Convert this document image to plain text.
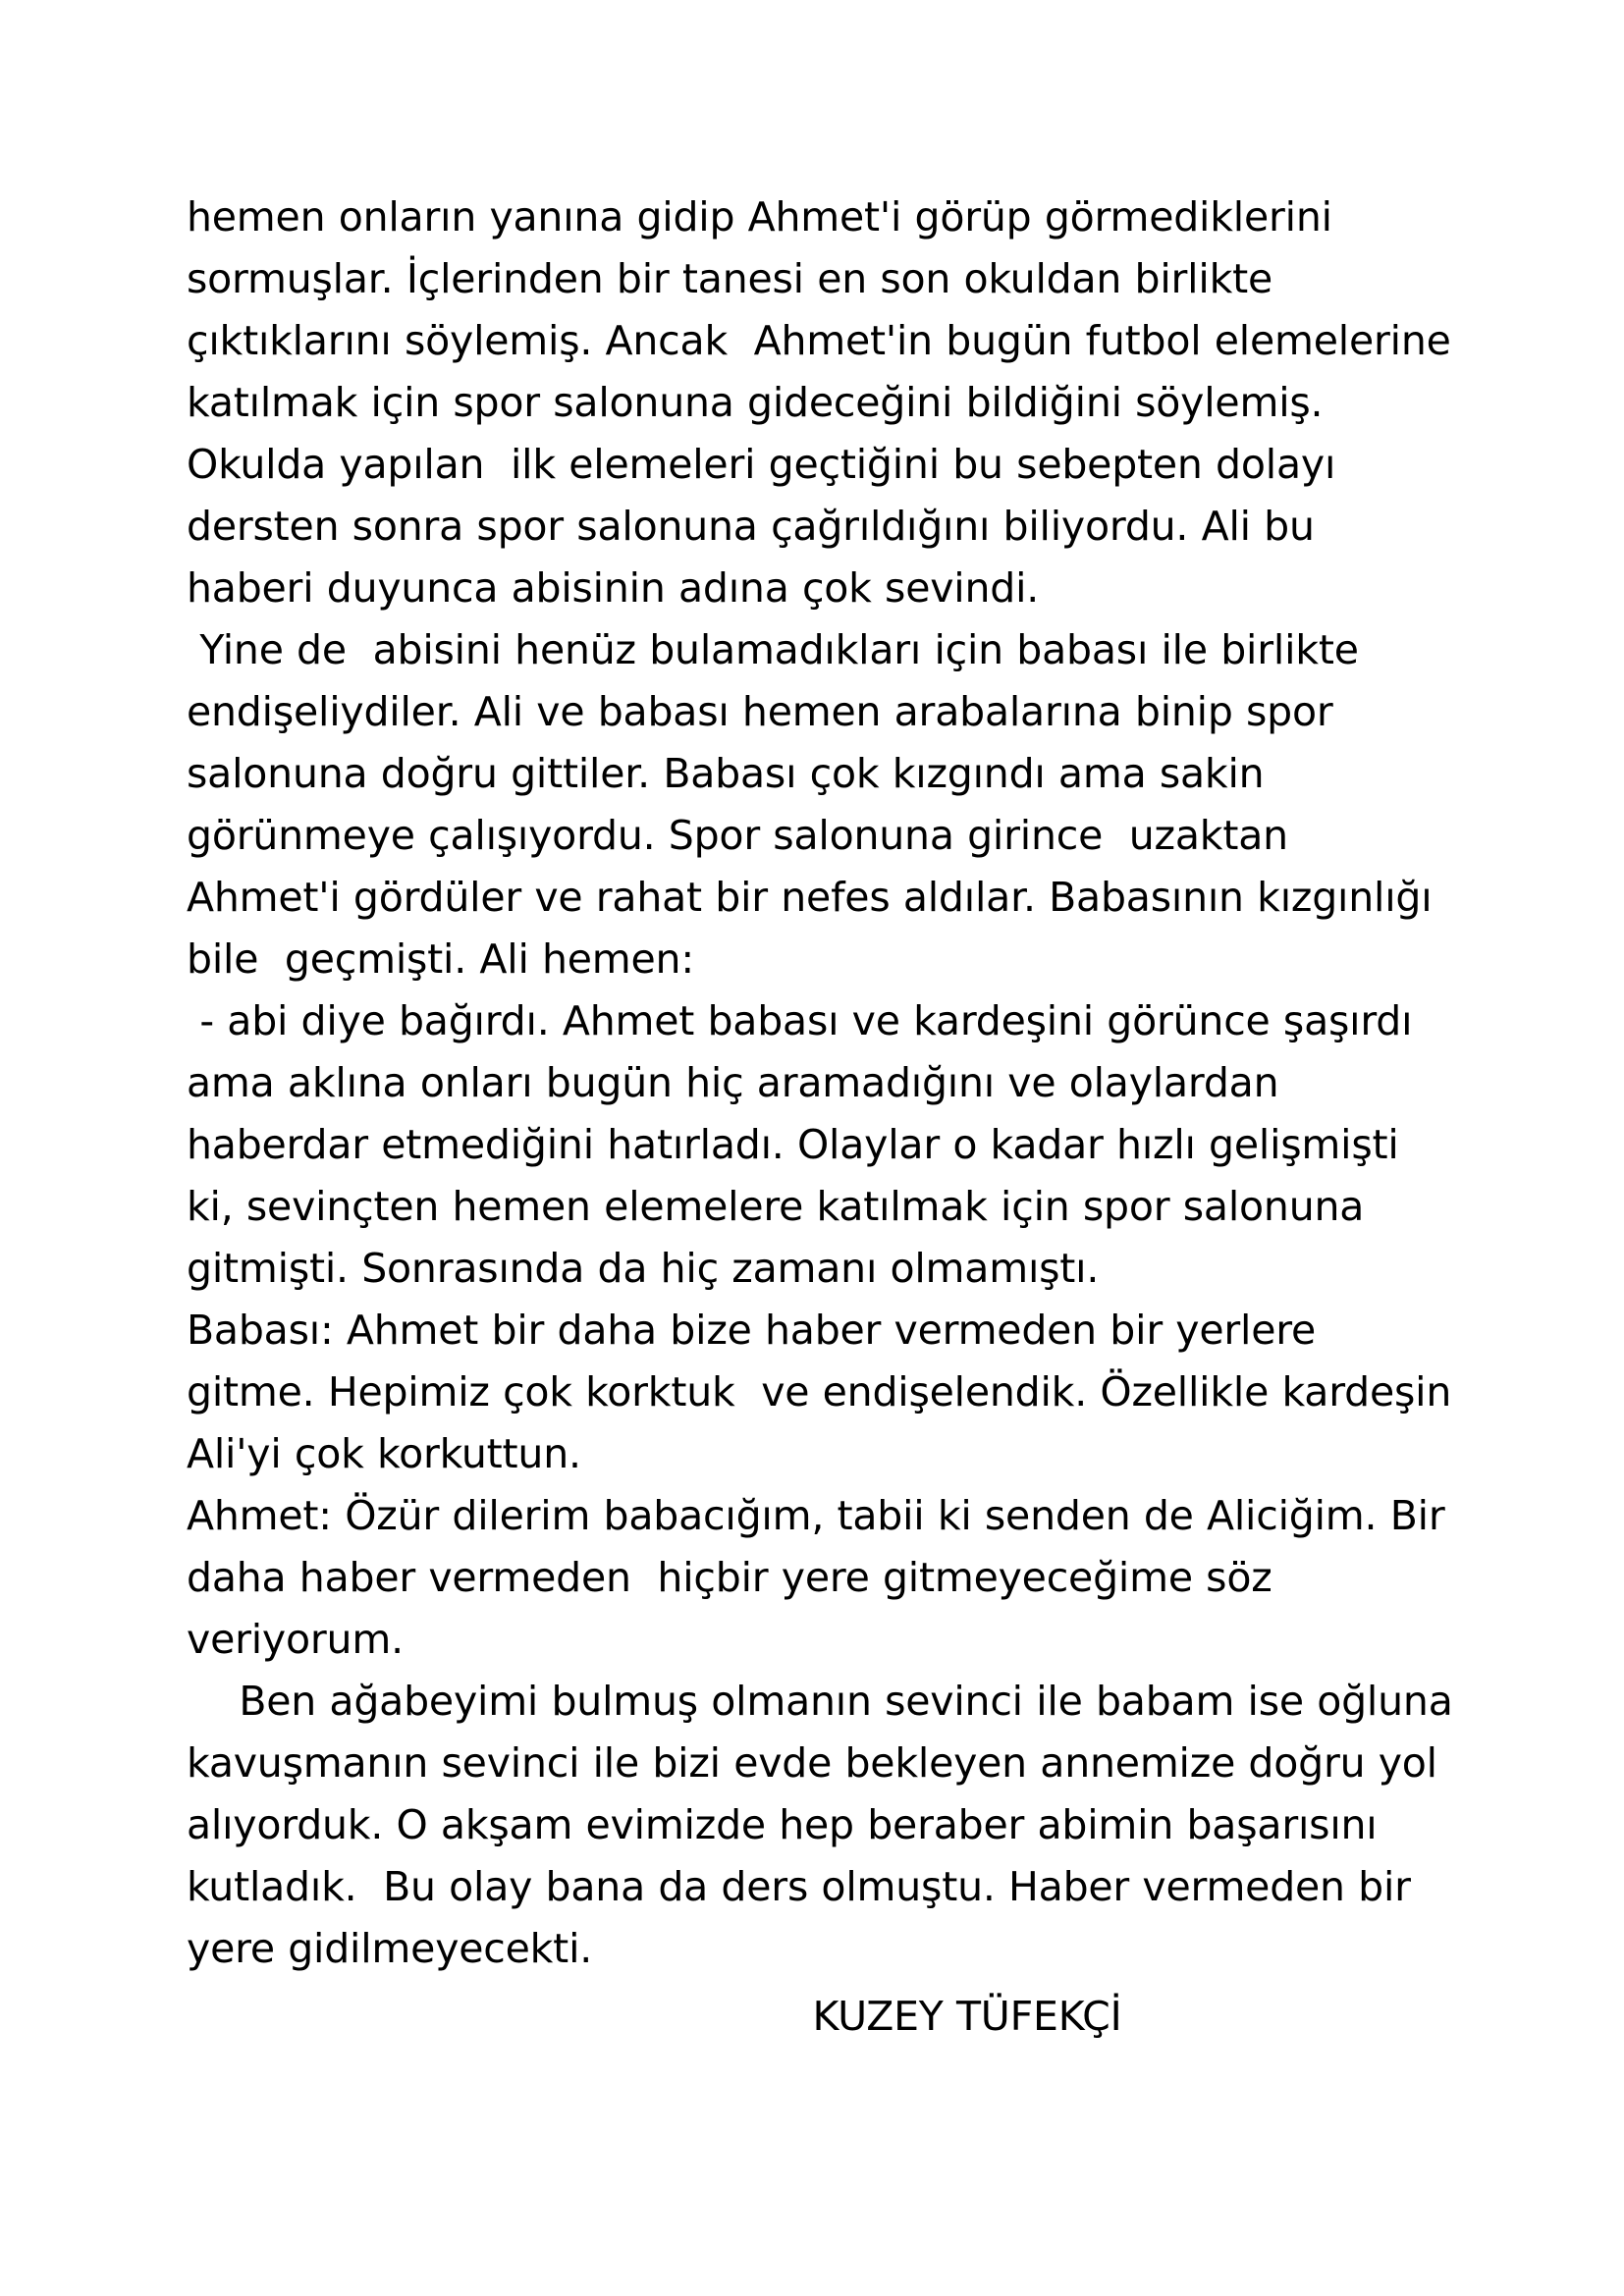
hemen onların yanına gidip Ahmet'i görüp görmediklerini sormuşlar. İçlerinden bir tanesi en son okuldan birlikte çıktıklarını söylemiş. Ancak  Ahmet'in bugün futbol elemelerine  katılmak için spor salonuna gideceğini bildiğini söylemiş. Okulda yapılan  ilk elemeleri geçtiğini bu sebepten dolayı dersten sonra spor salonuna çağrıldığını biliyordu. Ali bu haberi duyunca abisinin adına çok sevindi.

Yine de  abisini henüz bulamadıkları için babası ile birlikte endişeliydiler. Ali ve babası hemen arabalarına binip spor salonuna doğru gittiler. Babası çok kızgındı ama sakin görünmeye çalışıyordu. Spor salonuna girince  uzaktan Ahmet'i gördüler ve rahat bir nefes aldılar. Babasının kızgınlığı bile  geçmişti. Ali hemen:

- abi diye bağırdı. Ahmet babası ve kardeşini görünce şaşırdı ama aklına onları bugün hiç aramadığını ve olaylardan haberdar etmediğini hatırladı. Olaylar o kadar hızlı gelişmişti ki, sevinçten hemen elemelere katılmak için spor salonuna gitmişti. Sonrasında da hiç zamanı olmamıştı.

Babası: Ahmet bir daha bize haber vermeden bir yerlere gitme. Hepimiz çok korktuk  ve endişelendik. Özellikle kardeşin  Ali'yi çok korkuttun.

Ahmet: Özür dilerim babacığım, tabii ki senden de Aliciğim. Bir daha haber vermeden  hiçbir yere gitmeyeceğime söz veriyorum.

Ben ağabeyimi bulmuş olmanın sevinci ile babam ise oğluna kavuşmanın sevinci ile bizi evde bekleyen annemize doğru yol alıyorduk. O akşam evimizde hep beraber abimin başarısını kutladık.  Bu olay bana da ders olmuştu. Haber vermeden bir yere gidilmeyecekti.

KUZEY TÜFEKÇİ
